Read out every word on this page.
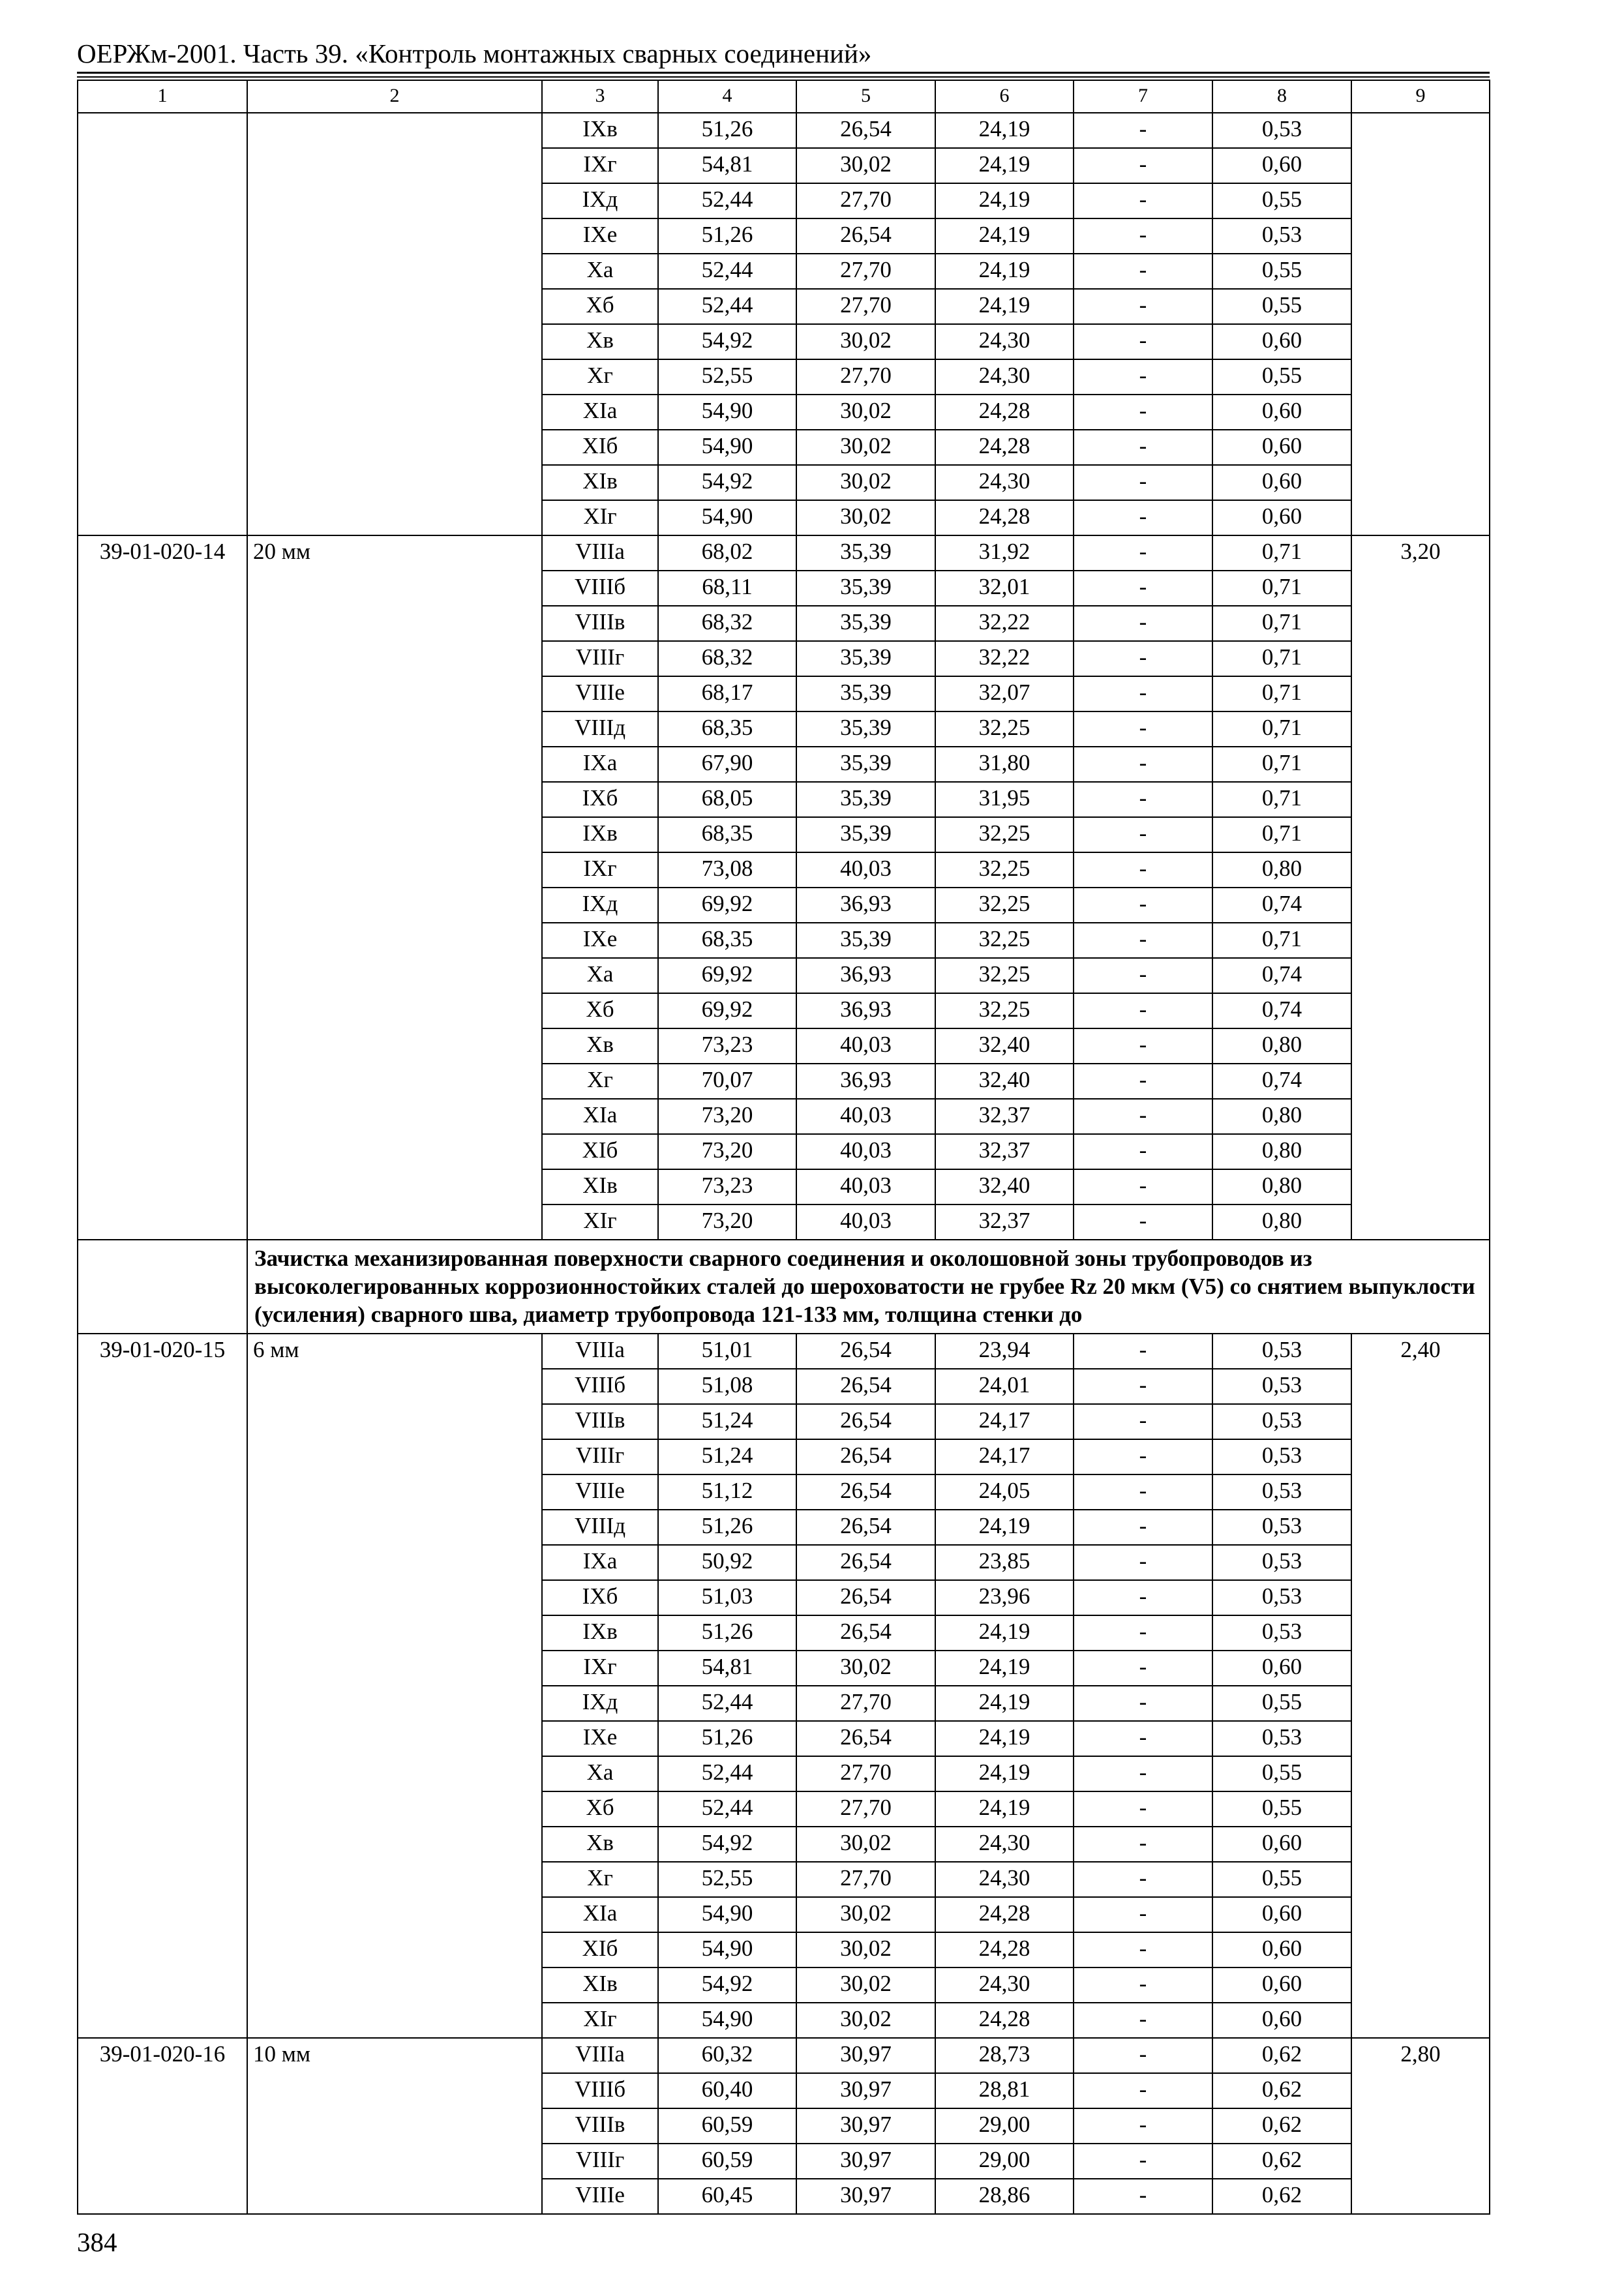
ОЕРЖм-2001. Часть 39. «Контроль монтажных сварных соединений»
1	2	3	4	5	6	7	8	9
		IXв	51,26	26,54	24,19	-	0,53	
		IXг	54,81	30,02	24,19	-	0,60	
		IXд	52,44	27,70	24,19	-	0,55	
		IXе	51,26	26,54	24,19	-	0,53	
		Xа	52,44	27,70	24,19	-	0,55	
		Xб	52,44	27,70	24,19	-	0,55	
		Xв	54,92	30,02	24,30	-	0,60	
		Xг	52,55	27,70	24,30	-	0,55	
		XIа	54,90	30,02	24,28	-	0,60	
		XIб	54,90	30,02	24,28	-	0,60	
		XIв	54,92	30,02	24,30	-	0,60	
		XIг	54,90	30,02	24,28	-	0,60	
39-01-020-14	20 мм	VIIIа	68,02	35,39	31,92	-	0,71	3,20
		VIIIб	68,11	35,39	32,01	-	0,71	
		VIIIв	68,32	35,39	32,22	-	0,71	
		VIIIг	68,32	35,39	32,22	-	0,71	
		VIIIе	68,17	35,39	32,07	-	0,71	
		VIIIд	68,35	35,39	32,25	-	0,71	
		IXа	67,90	35,39	31,80	-	0,71	
		IXб	68,05	35,39	31,95	-	0,71	
		IXв	68,35	35,39	32,25	-	0,71	
		IXг	73,08	40,03	32,25	-	0,80	
		IXд	69,92	36,93	32,25	-	0,74	
		IXе	68,35	35,39	32,25	-	0,71	
		Xа	69,92	36,93	32,25	-	0,74	
		Xб	69,92	36,93	32,25	-	0,74	
		Xв	73,23	40,03	32,40	-	0,80	
		Xг	70,07	36,93	32,40	-	0,74	
		XIа	73,20	40,03	32,37	-	0,80	
		XIб	73,20	40,03	32,37	-	0,80	
		XIв	73,23	40,03	32,40	-	0,80	
		XIг	73,20	40,03	32,37	-	0,80	
	Зачистка механизированная поверхности сварного соединения и околошовной зоны трубопроводов из высоколегированных коррозионностойких сталей до шероховатости не грубее Rz 20 мкм (V5) со снятием выпуклости (усиления) сварного шва, диаметр трубопровода 121-133 мм, толщина стенки до							
39-01-020-15	6 мм	VIIIа	51,01	26,54	23,94	-	0,53	2,40
		VIIIб	51,08	26,54	24,01	-	0,53	
		VIIIв	51,24	26,54	24,17	-	0,53	
		VIIIг	51,24	26,54	24,17	-	0,53	
		VIIIе	51,12	26,54	24,05	-	0,53	
		VIIIд	51,26	26,54	24,19	-	0,53	
		IXа	50,92	26,54	23,85	-	0,53	
		IXб	51,03	26,54	23,96	-	0,53	
		IXв	51,26	26,54	24,19	-	0,53	
		IXг	54,81	30,02	24,19	-	0,60	
		IXд	52,44	27,70	24,19	-	0,55	
		IXе	51,26	26,54	24,19	-	0,53	
		Xа	52,44	27,70	24,19	-	0,55	
		Xб	52,44	27,70	24,19	-	0,55	
		Xв	54,92	30,02	24,30	-	0,60	
		Xг	52,55	27,70	24,30	-	0,55	
		XIа	54,90	30,02	24,28	-	0,60	
		XIб	54,90	30,02	24,28	-	0,60	
		XIв	54,92	30,02	24,30	-	0,60	
		XIг	54,90	30,02	24,28	-	0,60	
39-01-020-16	10 мм	VIIIа	60,32	30,97	28,73	-	0,62	2,80
		VIIIб	60,40	30,97	28,81	-	0,62	
		VIIIв	60,59	30,97	29,00	-	0,62	
		VIIIг	60,59	30,97	29,00	-	0,62	
		VIIIе	60,45	30,97	28,86	-	0,62	
384
